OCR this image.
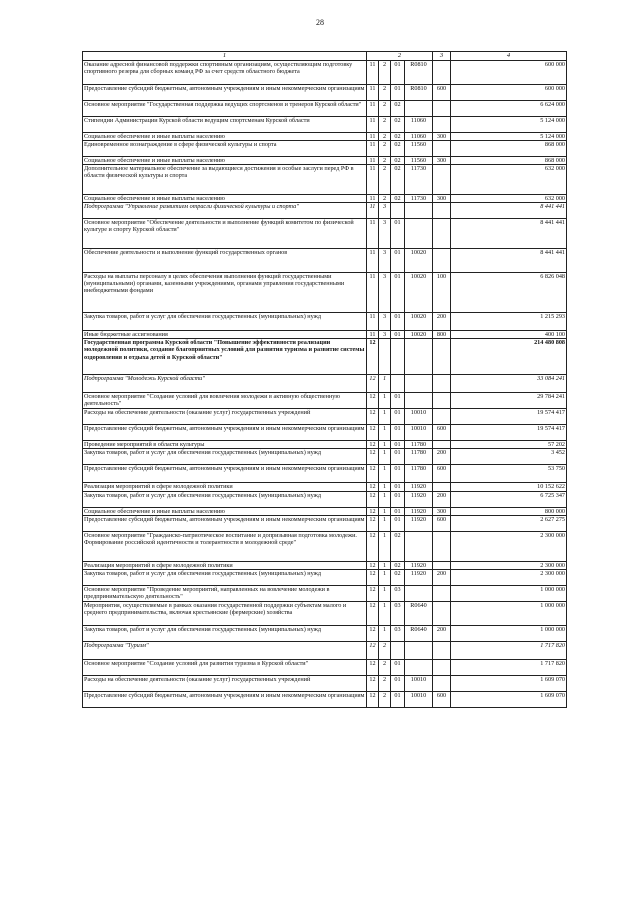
28
1	2				3	4
Оказание адресной финансовой поддержки спортивным организациям, осуществляющим подготовку спортивного резерва для сборных команд РФ за счет средств областного бюджета	11	2	01	R0810		600 000
Предоставление субсидий бюджетным, автономным учреждениям и иным некоммерческим организациям	11	2	01	R0810	600	600 000
Основное мероприятие "Государственная поддержка ведущих спортсменов и тренеров Курской области"	11	2	02			6 624 000
Стипендии Администрации Курской области ведущим спортсменам Курской области	11	2	02	11060		5 124 000
Социальное обеспечение и иные выплаты населению	11	2	02	11060	300	5 124 000
Единовременное вознаграждение в сфере физической культуры и спорта	11	2	02	11560		868 000
Социальное обеспечение и иные выплаты населению	11	2	02	11560	300	868 000
Дополнительное материальное обеспечение за выдающиеся достижения и особые заслуги перед РФ в области физической культуры и спорта	11	2	02	11730		632 000
Социальное обеспечение и иные выплаты населению	11	2	02	11730	300	632 000
Подпрограмма "Управление развитием отрасли физической культуры и спорта"	11	3				8 441 441
Основное мероприятие "Обеспечение деятельности и выполнение функций комитетом по физической культуре и спорту Курской области"	11	3	01			8 441 441
Обеспечение деятельности и выполнение функций государственных органов	11	3	01	10020		8 441 441
Расходы на выплаты персоналу в целях обеспечения выполнения функций государственными (муниципальными) органами, казенными учреждениями, органами управления государственными внебюджетными фондами	11	3	01	10020	100	6 826 048
Закупка товаров, работ и услуг для обеспечения государственных (муниципальных) нужд	11	3	01	10020	200	1 215 293
Иные бюджетные ассигнования	11	3	01	10020	800	400 100
Государственная программа Курской области "Повышение эффективности реализации молодежной политики, создание благоприятных условий для развития туризма и развитие системы оздоровления и отдыха детей в Курской области"	12					214 480 808
Подпрограмма "Молодежь Курской области"	12	1				33 084 241
Основное мероприятие "Создание условий для вовлечения молодежи в активную общественную деятельность"	12	1	01			29 784 241
Расходы на обеспечение деятельности (оказание услуг) государственных учреждений	12	1	01	10010		19 574 417
Предоставление субсидий бюджетным, автономным учреждениям и иным некоммерческим организациям	12	1	01	10010	600	19 574 417
Проведение мероприятий в области культуры	12	1	01	11780		57 202
Закупка товаров, работ и услуг для обеспечения государственных (муниципальных) нужд	12	1	01	11780	200	3 452
Предоставление субсидий бюджетным, автономным учреждениям и иным некоммерческим организациям	12	1	01	11780	600	53 750
Реализация мероприятий в сфере молодежной политики	12	1	01	11920		10 152 622
Закупка товаров, работ и услуг для обеспечения государственных (муниципальных) нужд	12	1	01	11920	200	6 725 347
Социальное обеспечение и иные выплаты населению	12	1	01	11920	300	800 000
Предоставление субсидий бюджетным, автономным учреждениям и иным некоммерческим организациям	12	1	01	11920	600	2 627 275
Основное мероприятие "Гражданско-патриотическое воспитание и допризывная подготовка молодежи. Формирование российской идентичности и толерантности в молодежной среде"	12	1	02			2 300 000
Реализация мероприятий в сфере молодежной политики	12	1	02	11920		2 300 000
Закупка товаров, работ и услуг для обеспечения государственных (муниципальных) нужд	12	1	02	11920	200	2 300 000
Основное мероприятие "Проведение мероприятий, направленных на вовлечение молодежи в предпринимательскую деятельность"	12	1	03			1 000 000
Мероприятия, осуществляемые в рамках оказания государственной поддержки субъектам малого и среднего предпринимательства, включая крестьянские (фермерские) хозяйства	12	1	03	R0640		1 000 000
Закупка товаров, работ и услуг для обеспечения государственных (муниципальных) нужд	12	1	03	R0640	200	1 000 000
Подпрограмма "Туризм"	12	2				1 717 820
Основное мероприятие "Создание условий для развития туризма в Курской области"	12	2	01			1 717 820
Расходы на обеспечение деятельности (оказание услуг) государственных учреждений	12	2	01	10010		1 609 070
Предоставление субсидий бюджетным, автономным учреждениям и иным некоммерческим организациям	12	2	01	10010	600	1 609 070
